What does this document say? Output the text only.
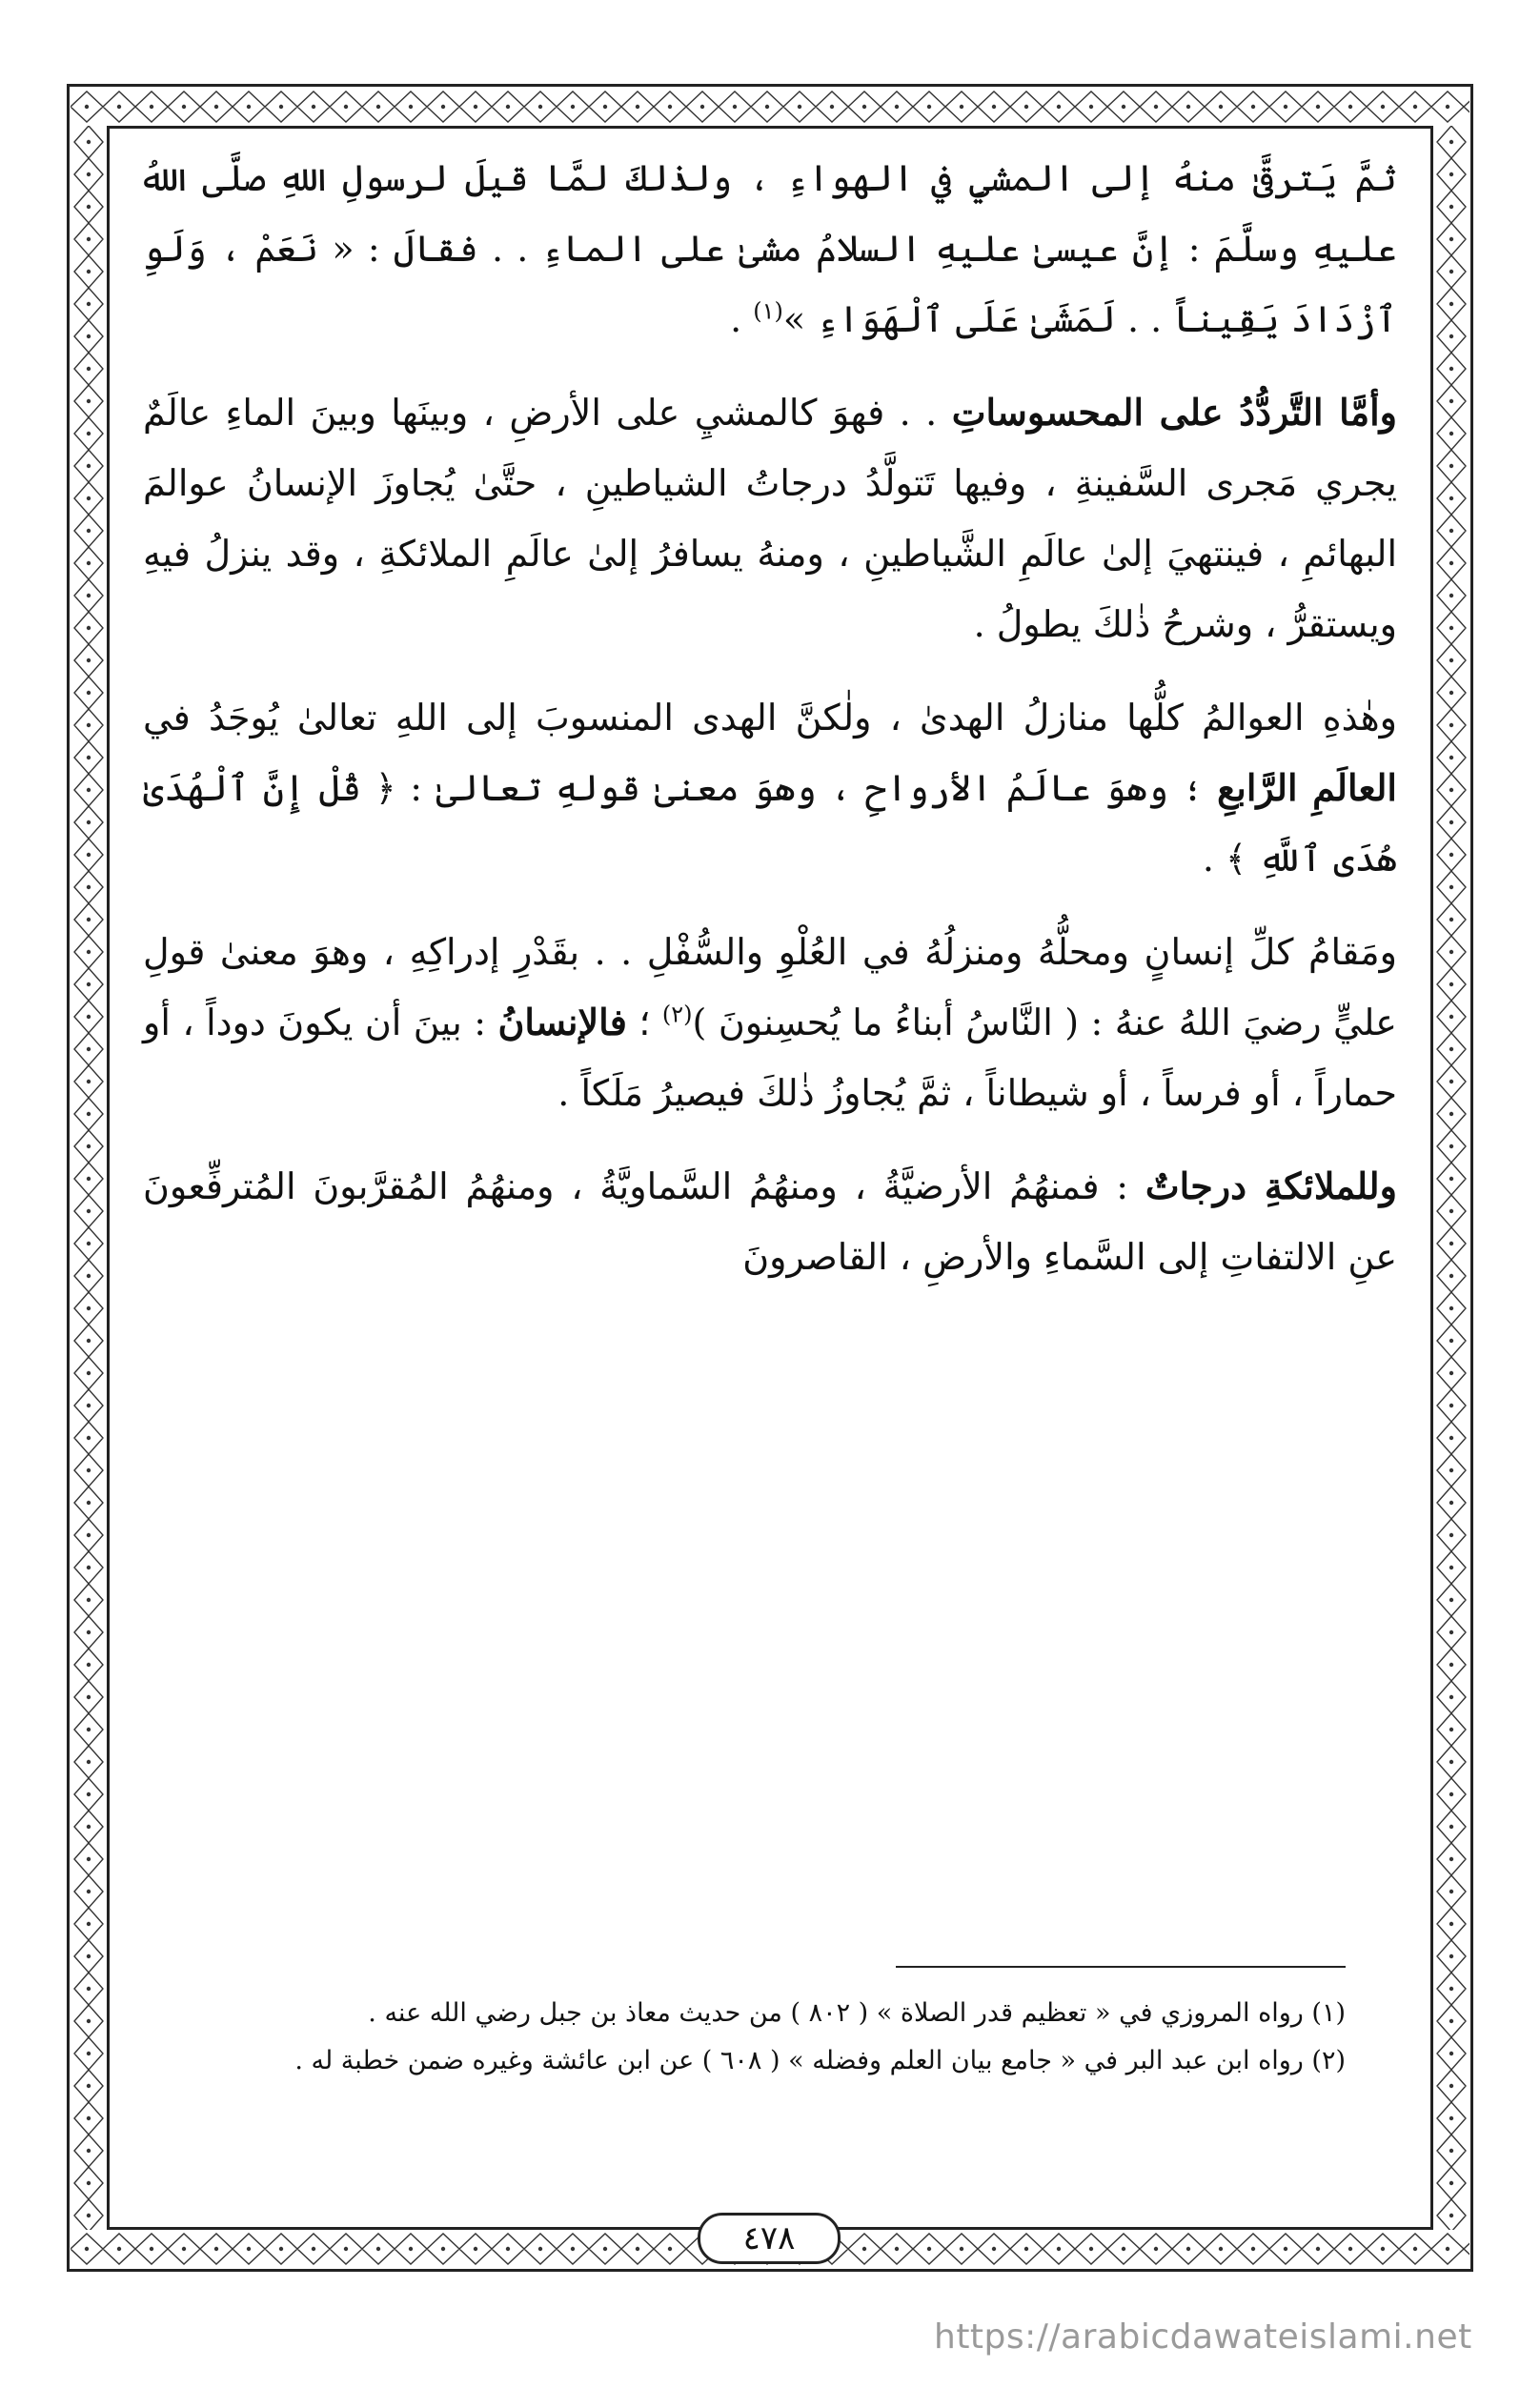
ثمَّ يَترقَّىٰ منهُ إلى المشيِ في الهواءِ ، ولذٰلكَ لمَّا قيلَ لرسولِ اللهِ صلَّى اللهُ عليهِ وسلَّمَ : إنَّ عيسىٰ عليهِ السلامُ مشىٰ على الماءِ . . فقالَ : « نَعَمْ ، وَلَوِ ٱزْدَادَ يَقِيناً . . لَمَشَىٰ عَلَى ٱلْهَوَاءِ »$^{(١)}$ .

وأمَّا التَّردُّدُ على المحسوساتِ . . فهوَ كالمشيِ على الأرضِ ، وبينَها وبينَ الماءِ عالَمٌ يجري مَجرى السَّفينةِ ، وفيها تَتولَّدُ درجاتُ الشياطينِ ، حتَّىٰ يُجاوزَ الإنسانُ عوالمَ البهائمِ ، فينتهيَ إلىٰ عالَمِ الشَّياطينِ ، ومنهُ يسافرُ إلىٰ عالَمِ الملائكةِ ، وقد ينزلُ فيهِ ويستقرُّ ، وشرحُ ذٰلكَ يطولُ .

وهٰذهِ العوالمُ كلُّها منازلُ الهدىٰ ، ولٰكنَّ الهدى المنسوبَ إلى اللهِ تعالىٰ يُوجَدُ في العالَمِ الرَّابعِ ؛ وهوَ عالَمُ الأرواحِ ، وهوَ معنىٰ قولهِ تعالىٰ : ﴿ قُلْ إِنَّ ٱلْهُدَىٰ هُدَى ٱللَّهِ ﴾ .

ومَقامُ كلِّ إنسانٍ ومحلُّهُ ومنزلُهُ في العُلْوِ والسُّفْلِ . . بقَدْرِ إدراكِهِ ، وهوَ معنىٰ قولِ عليٍّ رضيَ اللهُ عنهُ : ( النَّاسُ أبناءُ ما يُحسِنونَ )$^{(٢)}$ ؛ فالإنسانُ : بينَ أن يكونَ دوداً ، أو حماراً ، أو فرساً ، أو شيطاناً ، ثمَّ يُجاوزُ ذٰلكَ فيصيرُ مَلَكاً .

وللملائكةِ درجاتٌ : فمنهُمُ الأرضيَّةُ ، ومنهُمُ السَّماويَّةُ ، ومنهُمُ المُقرَّبونَ المُترفِّعونَ عنِ الالتفاتِ إلى السَّماءِ والأرضِ ، القاصرونَ

(١) رواه المروزي في « تعظيم قدر الصلاة » ( ٨٠٢ ) من حديث معاذ بن جبل رضي الله عنه .

(٢) رواه ابن عبد البر في « جامع بيان العلم وفضله » ( ٦٠٨ ) عن ابن عائشة وغيره ضمن خطبة له .

٤٧٨
https://arabicdawateislami.net
